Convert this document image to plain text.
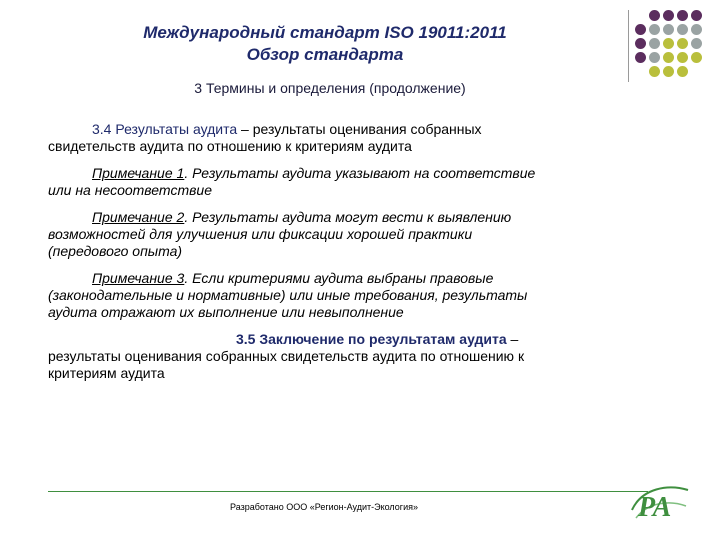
Международный стандарт ISO 19011:2011
Обзор стандарта
3 Термины и определения (продолжение)
3.4 Результаты аудита – результаты оценивания собранных
свидетельств аудита по отношению к критериям аудита
Примечание 1. Результаты аудита указывают на соответствие
или на несоответствие
Примечание 2. Результаты аудита могут вести к выявлению
возможностей для улучшения или фиксации хорошей практики
(передового опыта)
Примечание 3. Если критериями аудита выбраны правовые
(законодательные и нормативные) или иные требования, результаты
аудита отражают их выполнение или невыполнение
3.5 Заключение по результатам аудита –
результаты оценивания собранных свидетельств аудита по отношению к
критериям аудита
Разработано ООО «Регион-Аудит-Экология»	РА
